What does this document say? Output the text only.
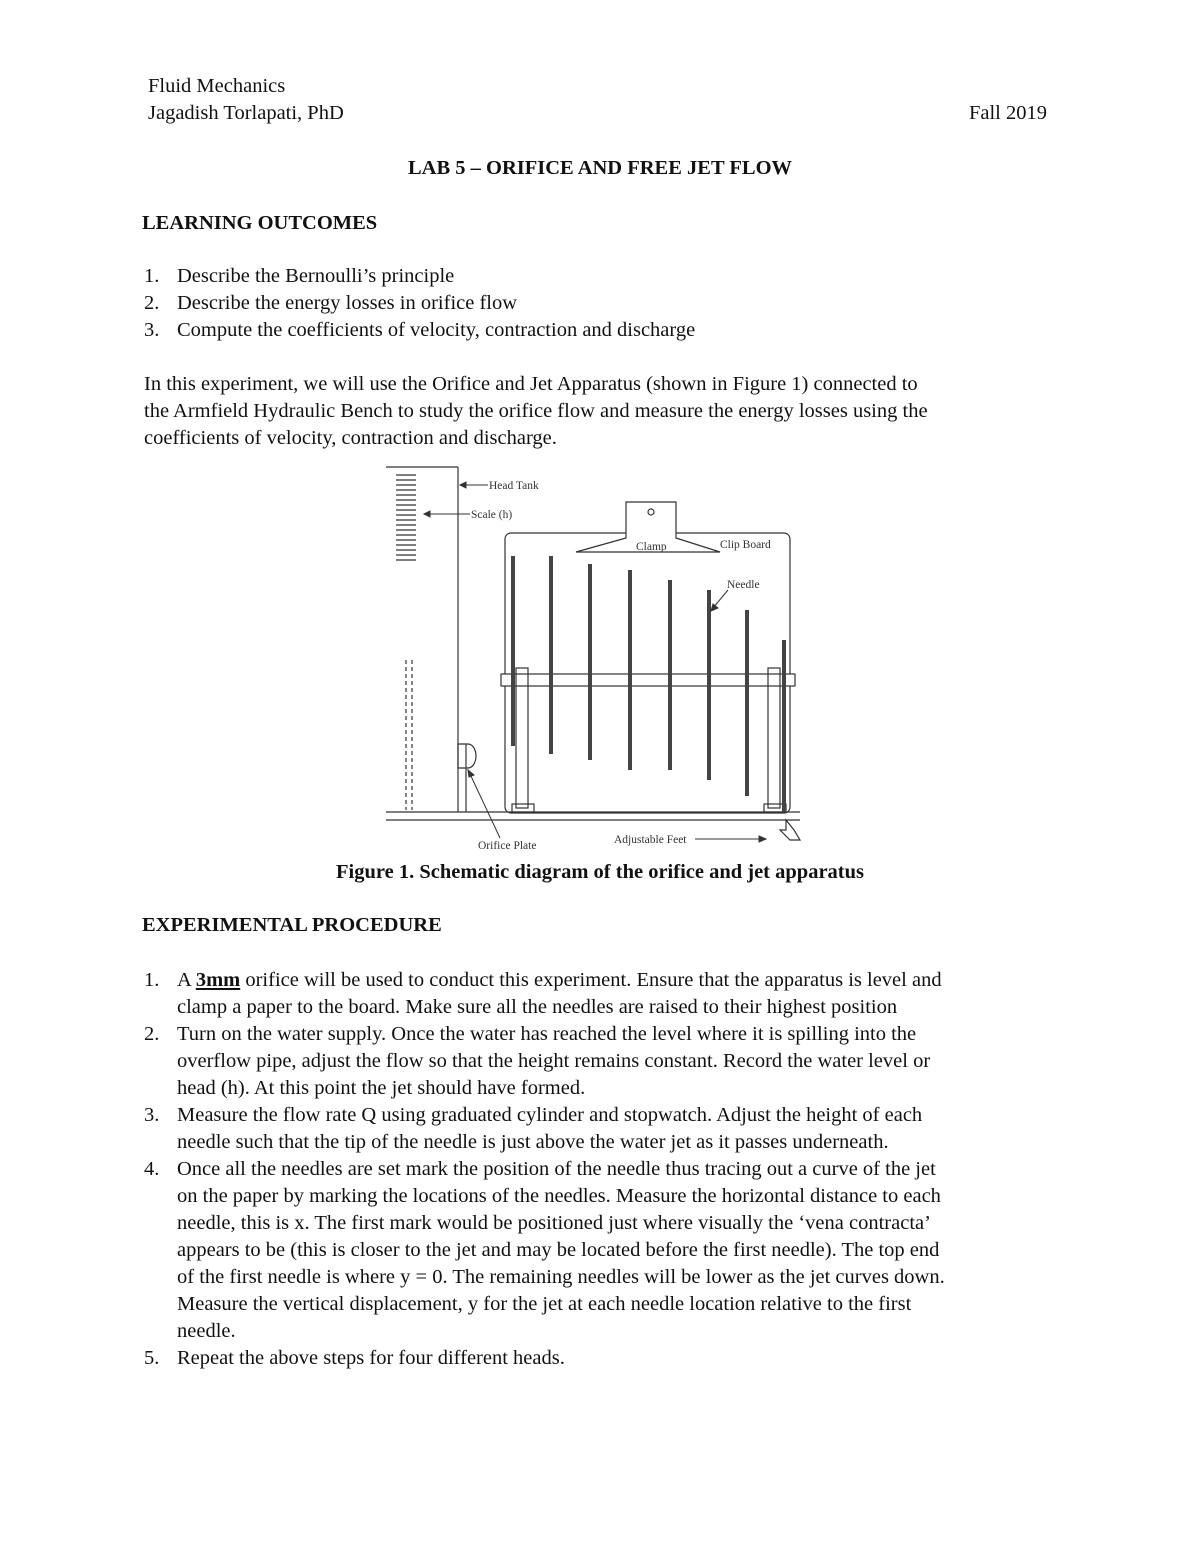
Fluid Mechanics
Jagadish Torlapati, PhD	Fall 2019
LAB 5 – ORIFICE AND FREE JET FLOW
LEARNING OUTCOMES
1. Describe the Bernoulli’s principle
2. Describe the energy losses in orifice flow
3. Compute the coefficients of velocity, contraction and discharge
In this experiment, we will use the Orifice and Jet Apparatus (shown in Figure 1) connected to
the Armfield Hydraulic Bench to study the orifice flow and measure the energy losses using the
coefficients of velocity, contraction and discharge.
Head Tank
Scale (h)
Clamp	Clip Board
Needle
Orifice Plate	Adjustable Feet
Figure 1. Schematic diagram of the orifice and jet apparatus
EXPERIMENTAL PROCEDURE
1. A 3mm orifice will be used to conduct this experiment. Ensure that the apparatus is level and
clamp a paper to the board. Make sure all the needles are raised to their highest position
2. Turn on the water supply. Once the water has reached the level where it is spilling into the
overflow pipe, adjust the flow so that the height remains constant. Record the water level or
head (h). At this point the jet should have formed.
3. Measure the flow rate Q using graduated cylinder and stopwatch. Adjust the height of each
needle such that the tip of the needle is just above the water jet as it passes underneath.
4. Once all the needles are set mark the position of the needle thus tracing out a curve of the jet
on the paper by marking the locations of the needles. Measure the horizontal distance to each
needle, this is x. The first mark would be positioned just where visually the ‘vena contracta’
appears to be (this is closer to the jet and may be located before the first needle). The top end
of the first needle is where y = 0. The remaining needles will be lower as the jet curves down.
Measure the vertical displacement, y for the jet at each needle location relative to the first
needle.
5. Repeat the above steps for four different heads.
